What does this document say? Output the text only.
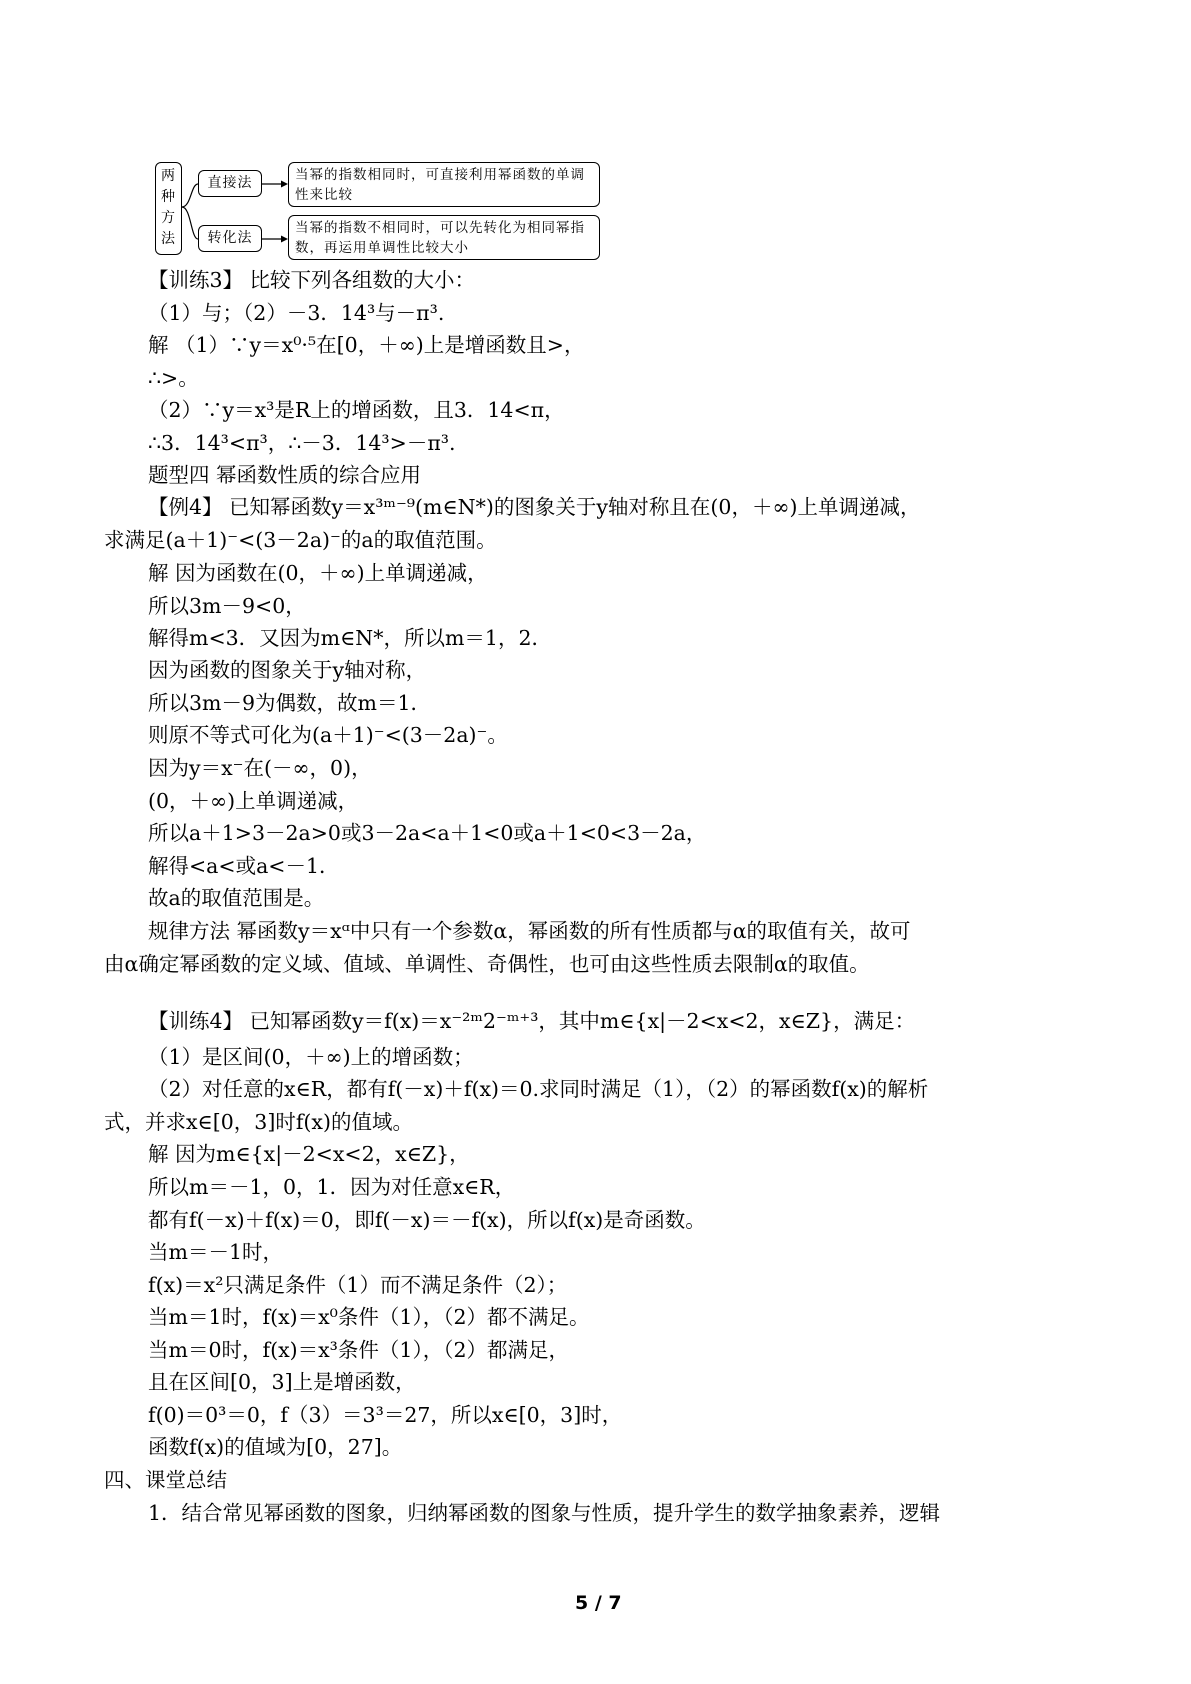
两
种
方
法
直接法
转化法
当幂的指数相同时，可直接利用幂函数的单调性来比较
当幂的指数不相同时，可以先转化为相同幂指数，再运用单调性比较大小
【训练3】 比较下列各组数的大小：
（1）与；（2）－3．14³与－π³.
解 （1）∵y＝x⁰·⁵在[0，＋∞)上是增函数且>，
∴>。
（2）∵y＝x³是R上的增函数，且3．14<π，
∴3．14³<π³，∴－3．14³>－π³.
题型四 幂函数性质的综合应用
【例4】 已知幂函数y＝x³ᵐ⁻⁹(m∈N*)的图象关于y轴对称且在(0，＋∞)上单调递减，
求满足(a＋1)⁻<(3－2a)⁻的a的取值范围。
解 因为函数在(0，＋∞)上单调递减，
所以3m－9<0，
解得m<3．又因为m∈N*，所以m＝1，2．
因为函数的图象关于y轴对称，
所以3m－9为偶数，故m＝1．
则原不等式可化为(a＋1)⁻<(3－2a)⁻。
因为y＝x⁻在(－∞，0)，
(0，＋∞)上单调递减，
所以a＋1>3－2a>0或3－2a<a＋1<0或a＋1<0<3－2a，
解得<a<或a<－1．
故a的取值范围是。
规律方法 幂函数y＝xᵅ中只有一个参数α，幂函数的所有性质都与α的取值有关，故可
由α确定幂函数的定义域、值域、单调性、奇偶性，也可由这些性质去限制α的取值。
【训练4】 已知幂函数y＝f(x)＝x⁻²ᵐ2⁻ᵐ⁺³，其中m∈{x|－2<x<2，x∈Z}，满足：
（1）是区间(0，＋∞)上的增函数；
（2）对任意的x∈R，都有f(－x)＋f(x)＝0.求同时满足（1），（2）的幂函数f(x)的解析
式，并求x∈[0，3]时f(x)的值域。
解 因为m∈{x|－2<x<2，x∈Z}，
所以m＝－1，0，1．因为对任意x∈R，
都有f(－x)＋f(x)＝0，即f(－x)＝－f(x)，所以f(x)是奇函数。
当m＝－1时，
f(x)＝x²只满足条件（1）而不满足条件（2）；
当m＝1时，f(x)＝x⁰条件（1），（2）都不满足。
当m＝0时，f(x)＝x³条件（1），（2）都满足，
且在区间[0，3]上是增函数，
f(0)＝0³＝0，f（3）＝3³＝27，所以x∈[0，3]时，
函数f(x)的值域为[0，27]。
四、课堂总结
1．结合常见幂函数的图象，归纳幂函数的图象与性质，提升学生的数学抽象素养，逻辑
5 / 7
